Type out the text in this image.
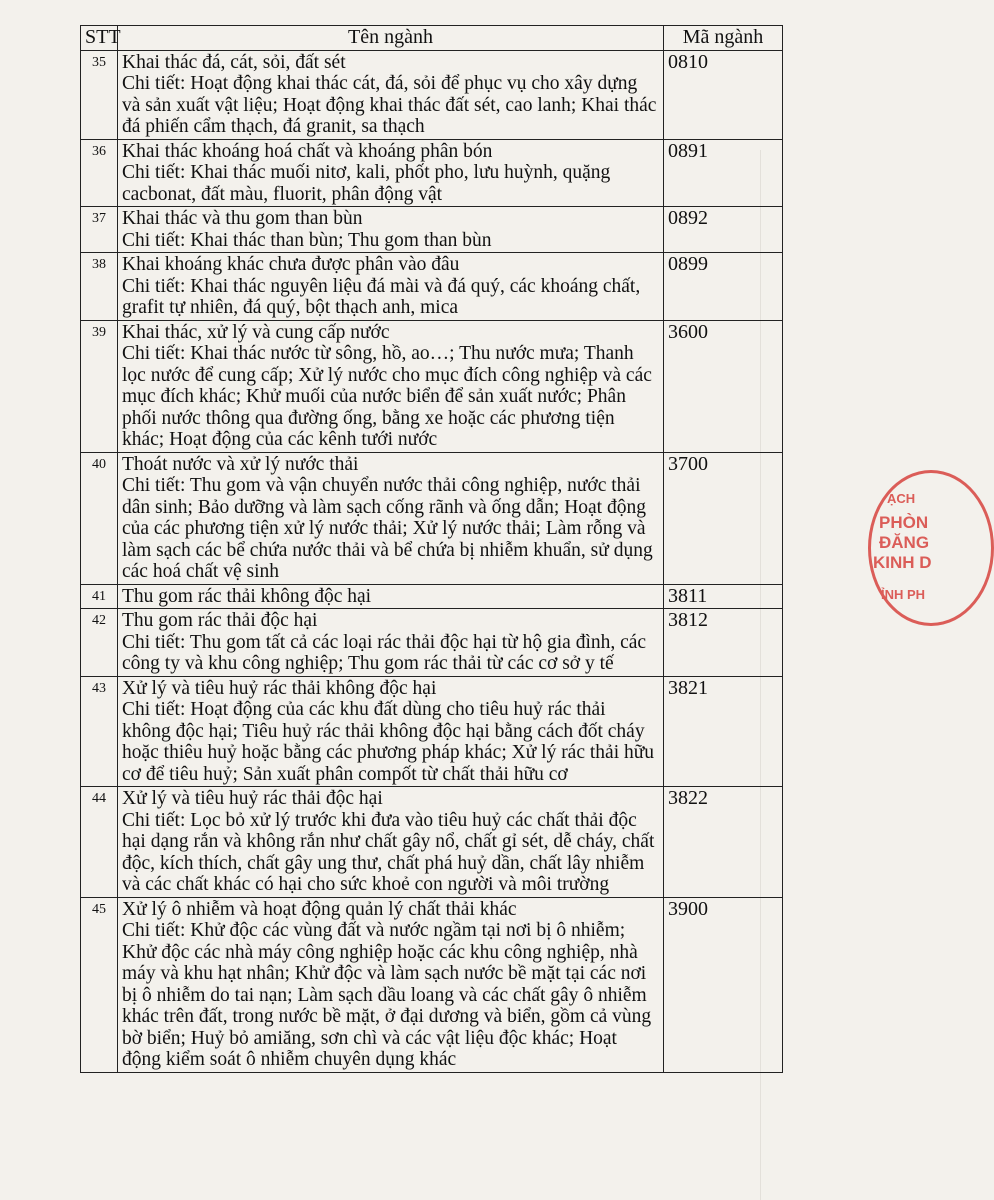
STT	Tên ngành	Mã ngành
35	Khai thác đá, cát, sỏi, đất sét
Chi tiết: Hoạt động khai thác cát, đá, sỏi để phục vụ cho xây dựng và sản xuất vật liệu; Hoạt động khai thác đất sét, cao lanh; Khai thác đá phiến cẩm thạch, đá granit, sa thạch	0810
36	Khai thác khoáng hoá chất và khoáng phân bón
Chi tiết: Khai thác muối nitơ, kali, phốt pho, lưu huỳnh, quặng cacbonat, đất màu, fluorit, phân động vật	0891
37	Khai thác và thu gom than bùn
Chi tiết: Khai thác than bùn; Thu gom than bùn	0892
38	Khai khoáng khác chưa được phân vào đâu
Chi tiết: Khai thác nguyên liệu đá mài và đá quý, các khoáng chất, grafit tự nhiên, đá quý, bột thạch anh, mica	0899
39	Khai thác, xử lý và cung cấp nước
Chi tiết: Khai thác nước từ sông, hồ, ao…; Thu nước mưa; Thanh lọc nước để cung cấp; Xử lý nước cho mục đích công nghiệp và các mục đích khác; Khử muối của nước biển để sản xuất nước; Phân phối nước thông qua đường ống, bằng xe hoặc các phương tiện khác; Hoạt động của các kênh tưới nước	3600
40	Thoát nước và xử lý nước thải
Chi tiết: Thu gom và vận chuyển nước thải công nghiệp, nước thải dân sinh; Bảo dưỡng và làm sạch cống rãnh và ống dẫn; Hoạt động của các phương tiện xử lý nước thải; Xử lý nước thải; Làm rỗng và làm sạch các bể chứa nước thải và bể chứa bị nhiễm khuẩn, sử dụng các hoá chất vệ sinh	3700
41	Thu gom rác thải không độc hại	3811
42	Thu gom rác thải độc hại
Chi tiết: Thu gom tất cả các loại rác thải độc hại từ hộ gia đình, các công ty và khu công nghiệp; Thu gom rác thải từ các cơ sở y tế	3812
43	Xử lý và tiêu huỷ rác thải không độc hại
Chi tiết: Hoạt động của các khu đất dùng cho tiêu huỷ rác thải không độc hại; Tiêu huỷ rác thải không độc hại bằng cách đốt cháy hoặc thiêu huỷ hoặc bằng các phương pháp khác; Xử lý rác thải hữu cơ để tiêu huỷ; Sản xuất phân compốt từ chất thải hữu cơ	3821
44	Xử lý và tiêu huỷ rác thải độc hại
Chi tiết: Lọc bỏ xử lý trước khi đưa vào tiêu huỷ các chất thải độc hại dạng rắn và không rắn như chất gây nổ, chất gỉ sét, dễ cháy, chất độc, kích thích, chất gây ung thư, chất phá huỷ dần, chất lây nhiễm và các chất khác có hại cho sức khoẻ con người và môi trường	3822
45	Xử lý ô nhiễm và hoạt động quản lý chất thải khác
Chi tiết: Khử độc các vùng đất và nước ngầm tại nơi bị ô nhiễm; Khử độc các nhà máy công nghiệp hoặc các khu công nghiệp, nhà máy và khu hạt nhân; Khử độc và làm sạch nước bề mặt tại các nơi bị ô nhiễm do tai nạn; Làm sạch dầu loang và các chất gây ô nhiễm khác trên đất, trong nước bề mặt, ở đại dương và biển, gồm cả vùng bờ biển; Huỷ bỏ amiăng, sơn chì và các vật liệu độc khác; Hoạt động kiểm soát ô nhiễm chuyên dụng khác	3900
ẠCH
PHÒN
ĐĂNG
KINH D
ỈNH PH
